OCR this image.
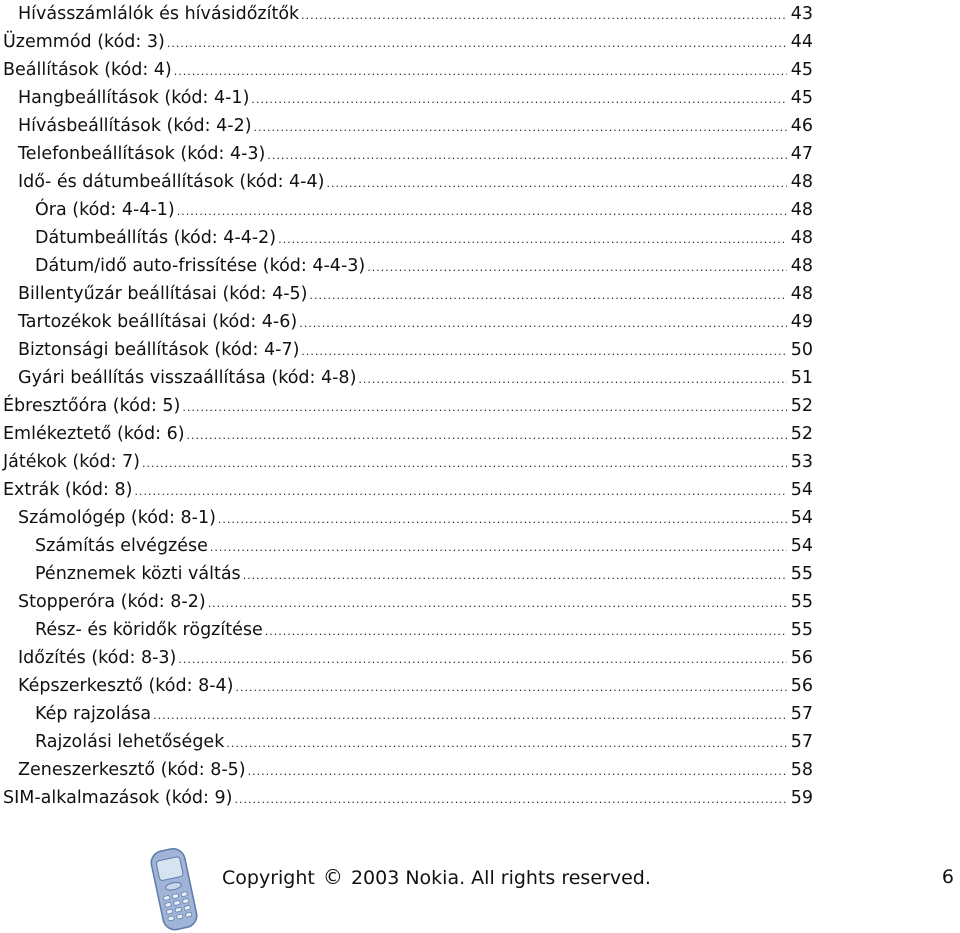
Hívásszámlálók és hívásidőzítők .....	43
Üzemmód (kód: 3) .....	44
Beállítások (kód: 4) .....	45
Hangbeállítások (kód: 4-1) .....	45
Hívásbeállítások (kód: 4-2) .....	46
Telefonbeállítások (kód: 4-3) .....	47
Idő- és dátumbeállítások (kód: 4-4) .....	48
Óra (kód: 4-4-1) .....	48
Dátumbeállítás (kód: 4-4-2) .....	48
Dátum/idő auto-frissítése (kód: 4-4-3) .....	48
Billentyűzár beállításai (kód: 4-5) .....	48
Tartozékok beállításai (kód: 4-6) .....	49
Biztonsági beállítások (kód: 4-7) .....	50
Gyári beállítás visszaállítása (kód: 4-8) .....	51
Ébresztőóra (kód: 5) .....	52
Emlékeztető (kód: 6) .....	52
Játékok (kód: 7) .....	53
Extrák (kód: 8) .....	54
Számológép (kód: 8-1) .....	54
Számítás elvégzése .....	54
Pénznemek közti váltás .....	55
Stopperóra (kód: 8-2) .....	55
Rész- és köridők rögzítése .....	55
Időzítés (kód: 8-3) .....	56
Képszerkesztő (kód: 8-4) .....	56
Kép rajzolása .....	57
Rajzolási lehetőségek .....	57
Zeneszerkesztő (kód: 8-5) .....	58
SIM-alkalmazások (kód: 9) .....	59
Copyright © 2003 Nokia. All rights reserved.	6
